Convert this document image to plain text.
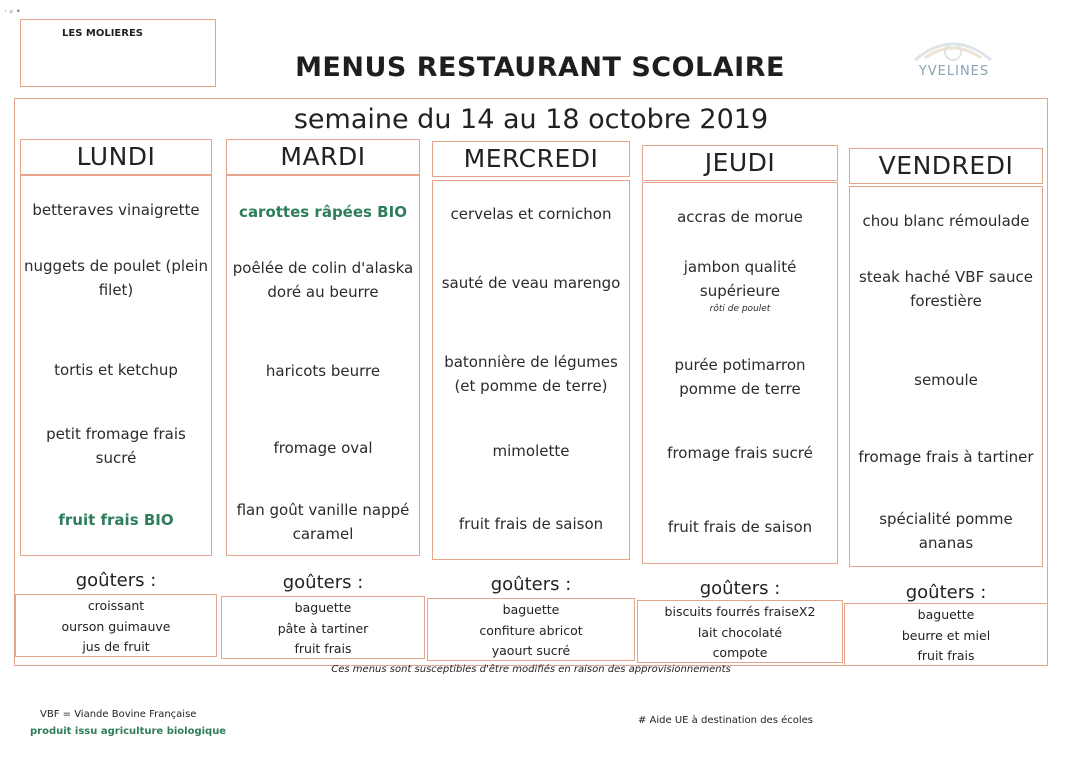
· ⸗ •
LES MOLIERES
MENUS RESTAURANT SCOLAIRE	YVELINES
semaine du 14 au 18 octobre 2019
LUNDI
betteraves vinaigrette
nuggets de poulet (plein filet)
tortis et ketchup
petit fromage frais sucré
fruit frais BIO
goûters :
croissant
ourson guimauve
jus de fruit
MARDI
carottes râpées BIO
poêlée de colin d'alaska doré au beurre
haricots beurre
fromage oval
flan goût vanille nappé caramel
goûters :
baguette
pâte à tartiner
fruit frais
MERCREDI
cervelas et cornichon
sauté de veau marengo
batonnière de légumes (et pomme de terre)
mimolette
fruit frais de saison
goûters :
baguette
confiture abricot
yaourt sucré
JEUDI
accras de morue
jambon qualité supérieure
rôti de poulet
purée potimarron pomme de terre
fromage frais sucré
fruit frais de saison
goûters :
biscuits fourrés fraiseX2
lait chocolaté
compote
VENDREDI
chou blanc rémoulade
steak haché VBF sauce forestière
semoule
fromage frais à tartiner
spécialité pomme ananas
goûters :
baguette
beurre et miel
fruit frais
Ces menus sont susceptibles d'être modifiés en raison des approvisionnements
VBF = Viande Bovine Française
produit issu agriculture biologique
# Aide UE à destination des écoles
